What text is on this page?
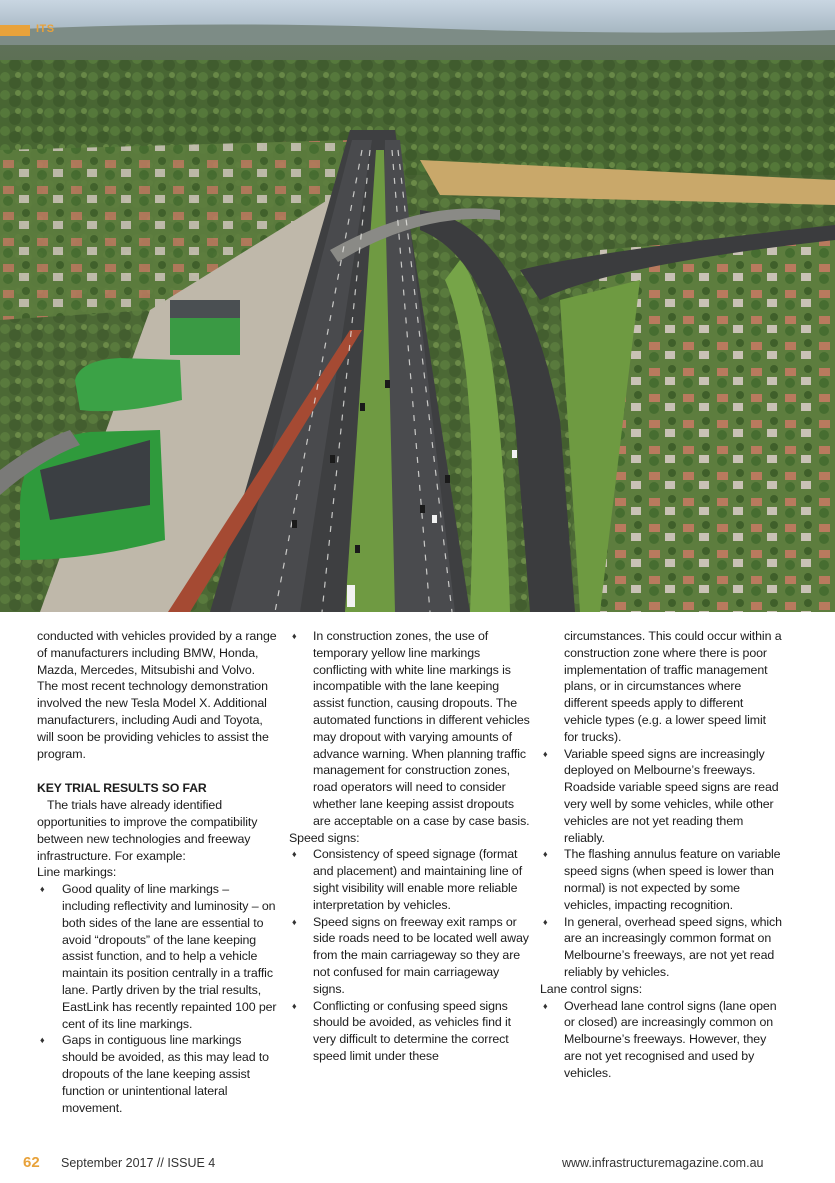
ITS

conducted with vehicles provided by a range of manufacturers including BMW, Honda, Mazda, Mercedes, Mitsubishi and Volvo. The most recent technology demonstration involved the new Tesla Model X. Additional manufacturers, including Audi and Toyota, will soon be providing vehicles to assist the program.

KEY TRIAL RESULTS SO FAR

The trials have already identified opportunities to improve the compatibility between new technologies and freeway infrastructure. For example:

Line markings:

♦ Good quality of line markings – including reflectivity and luminosity – on both sides of the lane are essential to avoid “dropouts” of the lane keeping assist function, and to help a vehicle maintain its position centrally in a traffic lane. Partly driven by the trial results, EastLink has recently repainted 100 per cent of its line markings.
♦ Gaps in contiguous line markings should be avoided, as this may lead to dropouts of the lane keeping assist function or unintentional lateral movement.
♦ In construction zones, the use of temporary yellow line markings conflicting with white line markings is incompatible with the lane keeping assist function, causing dropouts. The automated functions in different vehicles may dropout with varying amounts of advance warning. When planning traffic management for construction zones, road operators will need to consider whether lane keeping assist dropouts are acceptable on a case by case basis.

Speed signs:

♦ Consistency of speed signage (format and placement) and maintaining line of sight visibility will enable more reliable interpretation by vehicles.
♦ Speed signs on freeway exit ramps or side roads need to be located well away from the main carriageway so they are not confused for main carriageway signs.
♦ Conflicting or confusing speed signs should be avoided, as vehicles find it very difficult to determine the correct speed limit under these

circumstances. This could occur within a construction zone where there is poor implementation of traffic management plans, or in circumstances where different speeds apply to different vehicle types (e.g. a lower speed limit for trucks).

♦ Variable speed signs are increasingly deployed on Melbourne’s freeways. Roadside variable speed signs are read very well by some vehicles, while other vehicles are not yet reading them reliably.
♦ The flashing annulus feature on variable speed signs (when speed is lower than normal) is not expected by some vehicles, impacting recognition.
♦ In general, overhead speed signs, which are an increasingly common format on Melbourne’s freeways, are not yet read reliably by vehicles.

Lane control signs:

♦ Overhead lane control signs (lane open or closed) are increasingly common on Melbourne’s freeways. However, they are not yet recognised and used by vehicles.
62 September 2017 // ISSUE 4	www.infrastructuremagazine.com.au
